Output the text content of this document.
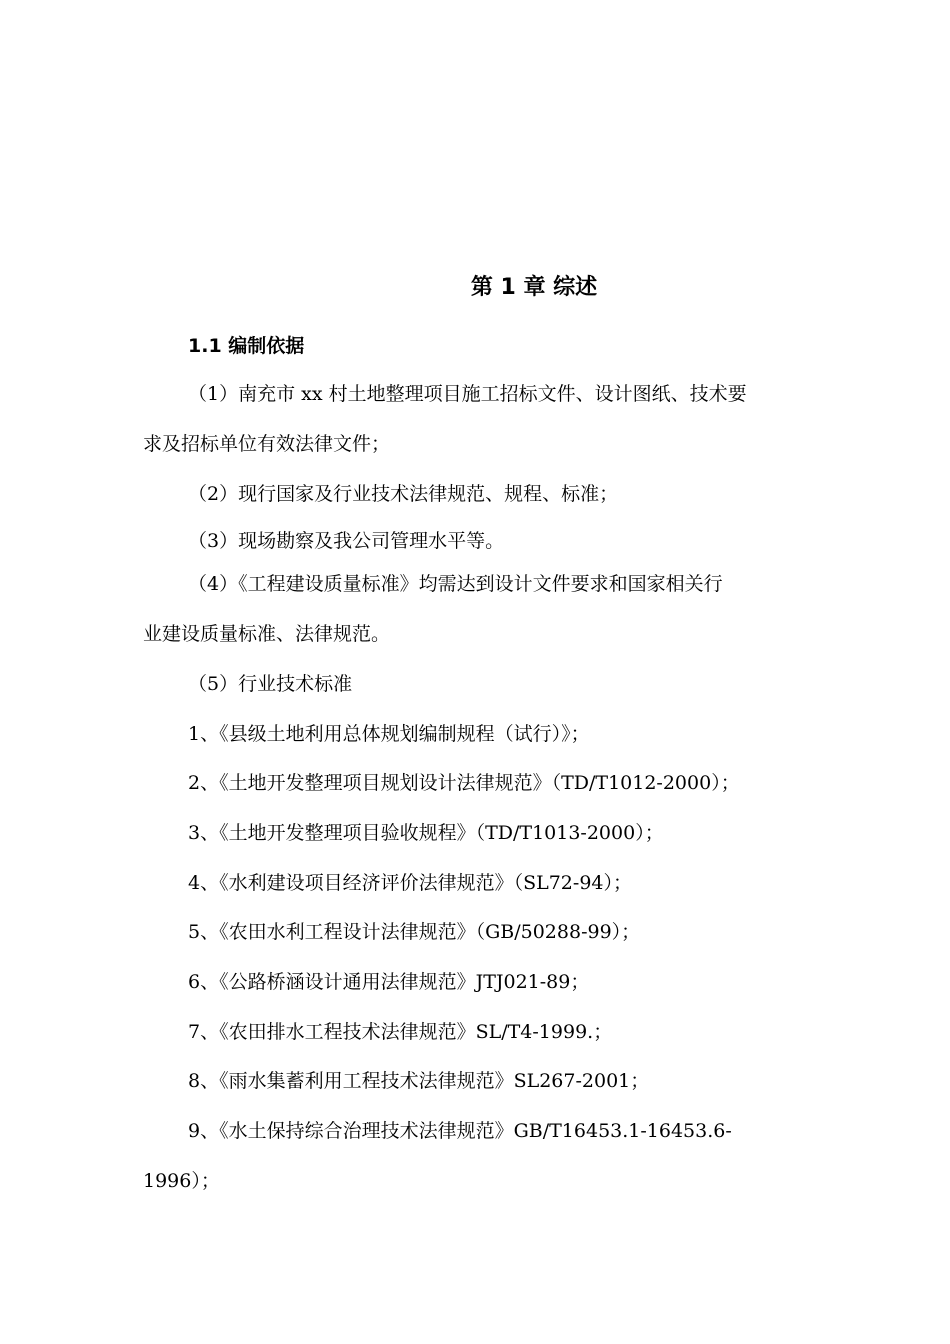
第 1 章 综述
1.1 编制依据
（1）南充市 xx 村土地整理项目施工招标文件、设计图纸、技术要
求及招标单位有效法律文件；
（2）现行国家及行业技术法律规范、规程、标准；
（3）现场勘察及我公司管理水平等。
（4）《工程建设质量标准》均需达到设计文件要求和国家相关行
业建设质量标准、法律规范。
（5）行业技术标准
1、《县级土地利用总体规划编制规程（试行）》；
2、《土地开发整理项目规划设计法律规范》（TD/T1012-2000）；
3、《土地开发整理项目验收规程》（TD/T1013-2000）；
4、《水利建设项目经济评价法律规范》（SL72-94）；
5、《农田水利工程设计法律规范》（GB/50288-99）；
6、《公路桥涵设计通用法律规范》JTJ021-89；
7、《农田排水工程技术法律规范》SL/T4-1999.；
8、《雨水集蓄利用工程技术法律规范》SL267-2001；
9、《水土保持综合治理技术法律规范》GB/T16453.1-16453.6-
1996）；
